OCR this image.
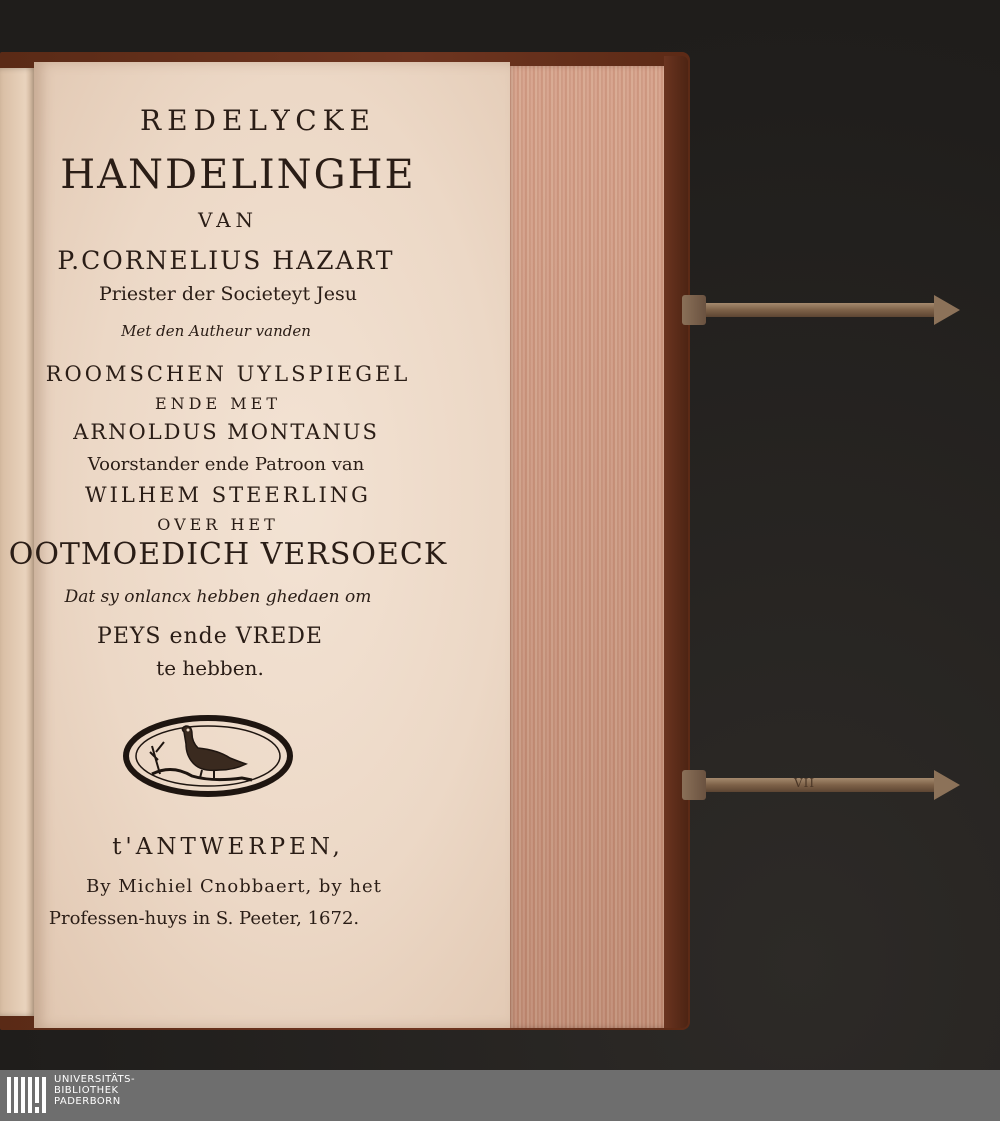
VII
REDELYCKE
HANDELINGHE
VAN
P.CORNELIUS HAZART
Priester der Societeyt Jesu
Met den Autheur vanden
ROOMSCHEN UYLSPIEGEL
ENDE MET
ARNOLDUS MONTANUS
Voorstander ende Patroon van
WILHEM STEERLING
OVER HET
OOTMOEDICH VERSOECK
Dat sy onlancx hebben ghedaen om
PEYS ende VREDE
te hebben.
t'ANTWERPEN,
By Michiel Cnobbaert, by het
Professen-huys in S. Peeter, 1672.
UNIVERSITÄTS-
BIBLIOTHEK
PADERBORN
